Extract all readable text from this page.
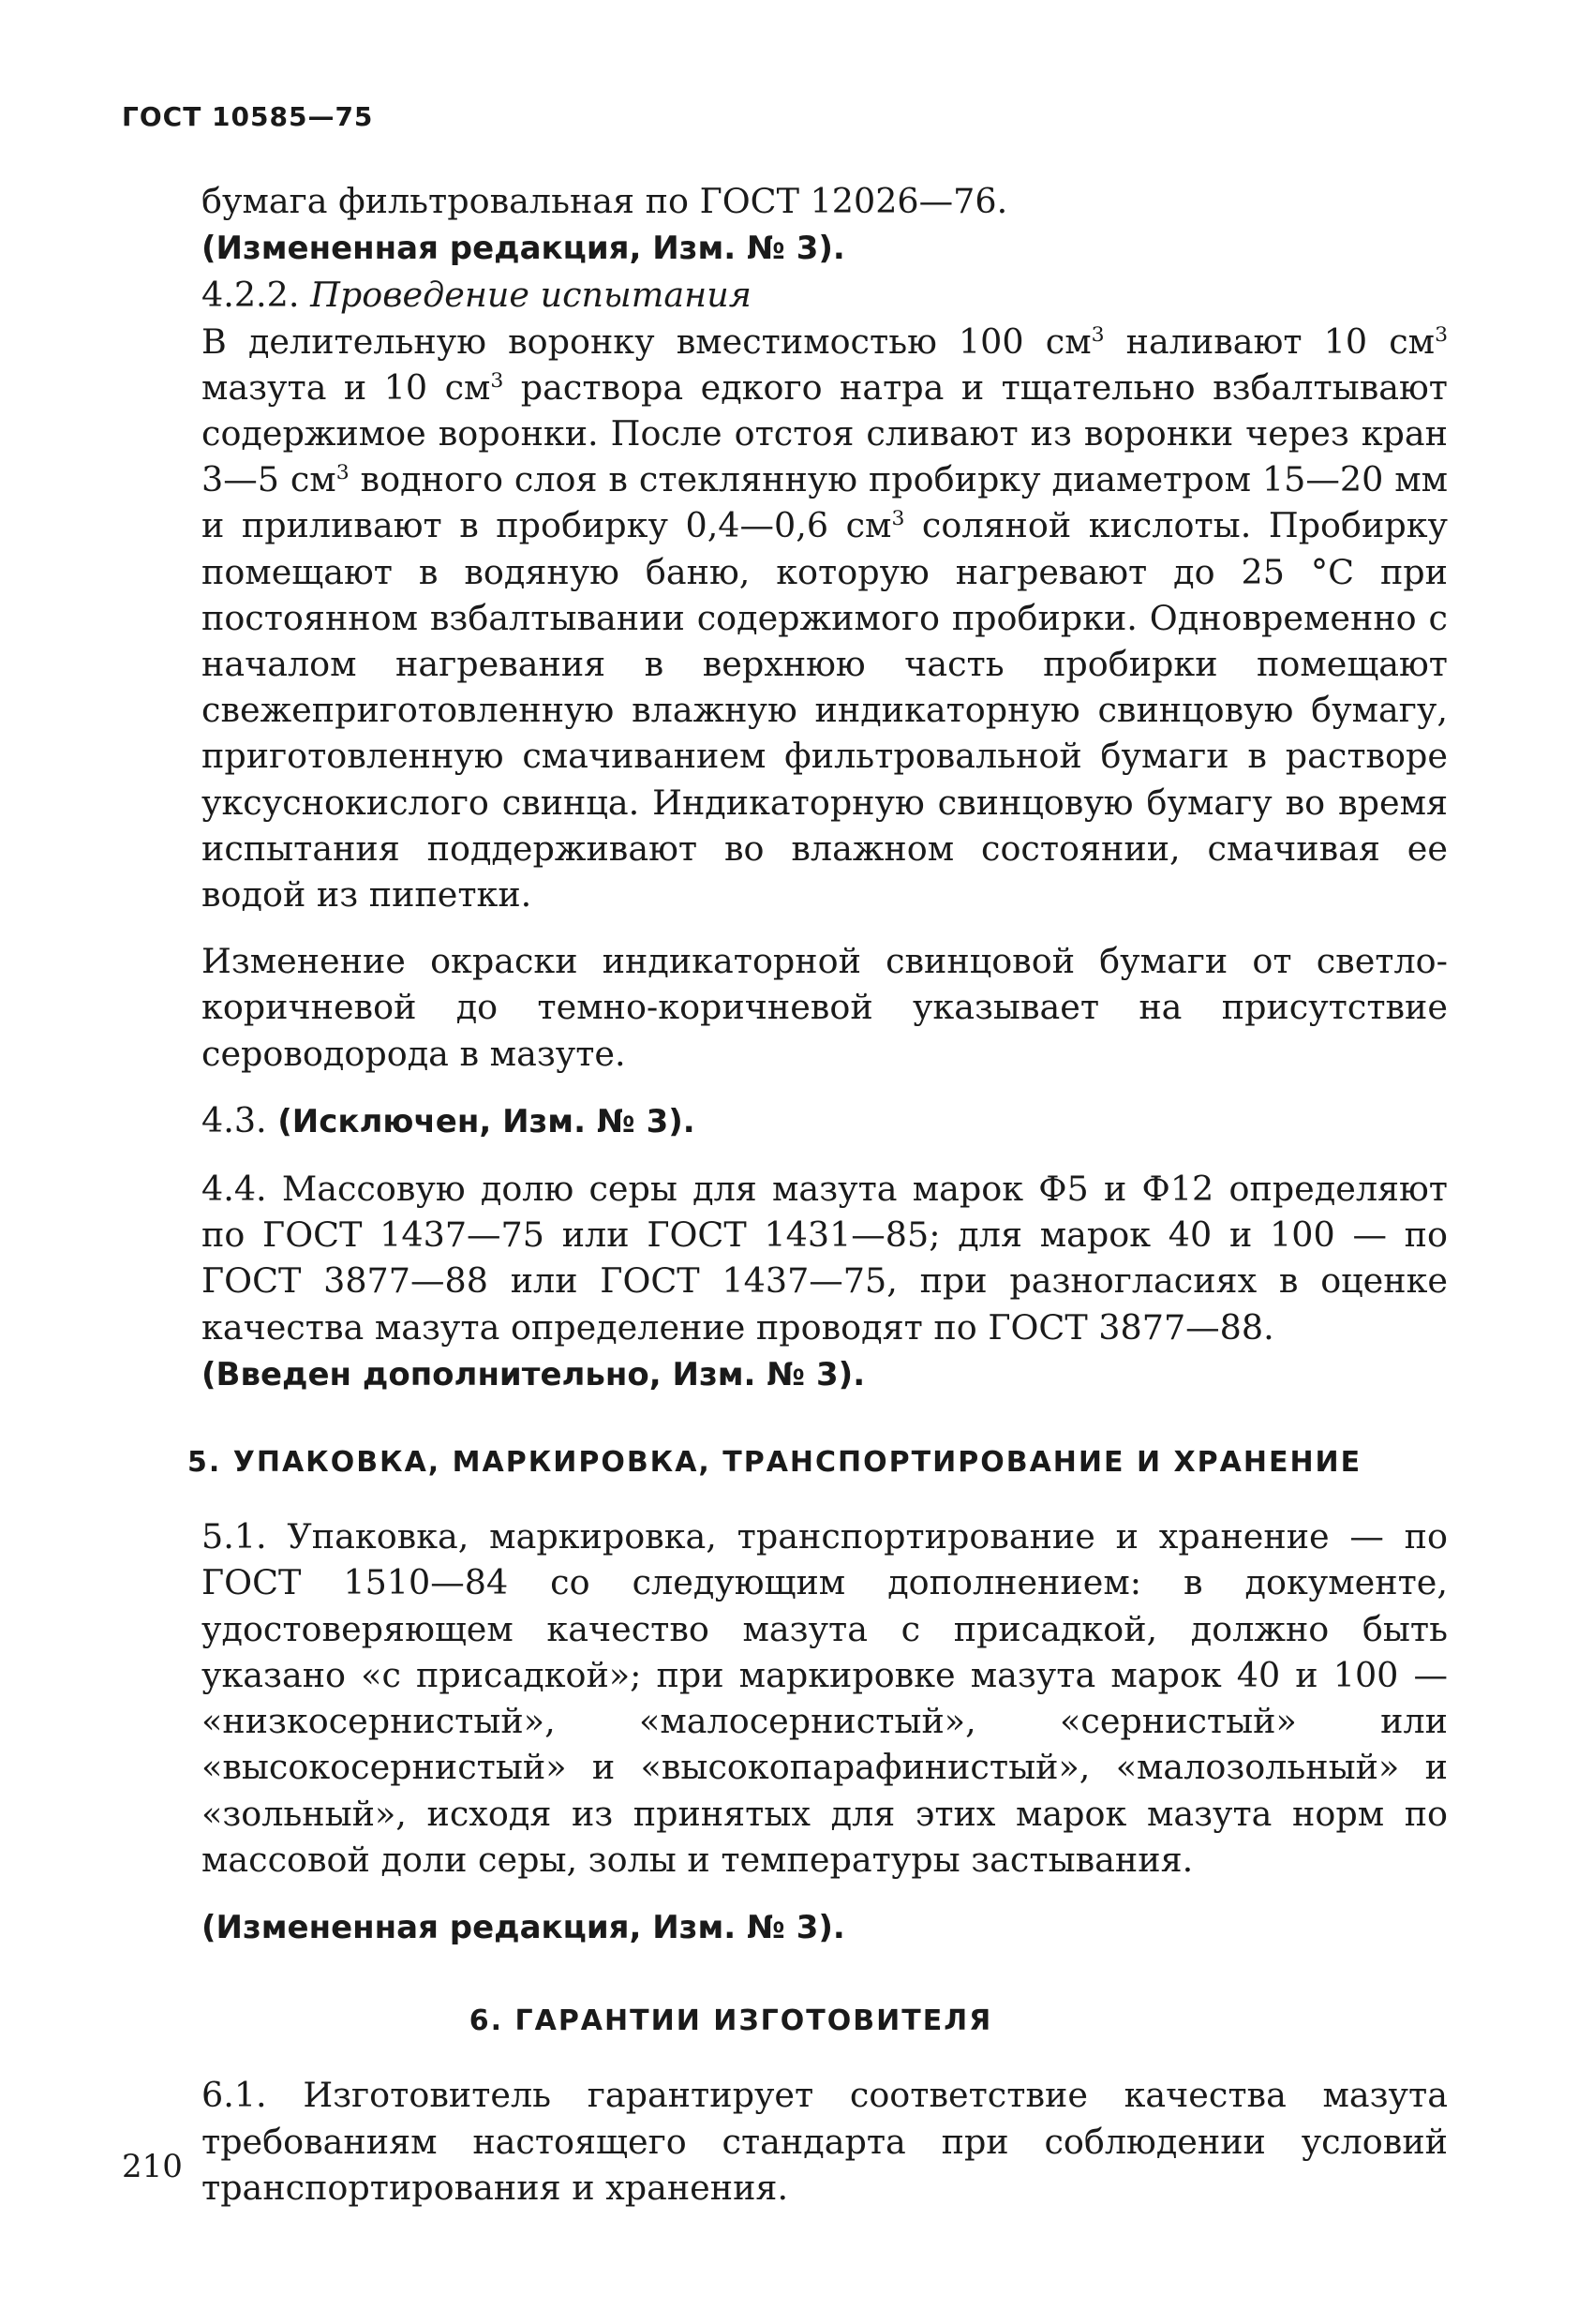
ГОСТ 10585—75

бумага фильтровальная по ГОСТ 12026—76.

(Измененная редакция, Изм. № 3).

4.2.2. Проведение испытания

В делительную воронку вместимостью 100 $см^3$ наливают 10 $см^3$ мазута и 10 $см^3$ раствора едкого натра и тщательно взбалтывают содержимое воронки. После отстоя сливают из воронки через кран 3—5 $см^3$ водного слоя в стеклянную пробирку диаметром 15—20 мм и приливают в пробирку 0,4—0,6 $см^3$ соляной кислоты. Пробирку помещают в водяную баню, которую нагревают до 25 °С при постоянном взбалтывании содержимого пробирки. Одновременно с началом нагревания в верхнюю часть пробирки помещают свежеприготовленную влажную индикаторную свинцовую бумагу, приготовленную смачиванием фильтровальной бумаги в растворе уксуснокислого свинца. Индикаторную свинцовую бумагу во время испытания поддерживают во влажном состоянии, смачивая ее водой из пипетки.

Изменение окраски индикаторной свинцовой бумаги от светло-коричневой до темно-коричневой указывает на присутствие сероводорода в мазуте.

4.3. (Исключен, Изм. № 3).

4.4. Массовую долю серы для мазута марок Ф5 и Ф12 определяют по ГОСТ 1437—75 или ГОСТ 1431—85; для марок 40 и 100 — по ГОСТ 3877—88 или ГОСТ 1437—75, при разногласиях в оценке качества мазута определение проводят по ГОСТ 3877—88.

(Введен дополнительно, Изм. № 3).

5. УПАКОВКА, МАРКИРОВКА, ТРАНСПОРТИРОВАНИЕ И ХРАНЕНИЕ

5.1. Упаковка, маркировка, транспортирование и хранение — по ГОСТ 1510—84 со следующим дополнением: в документе, удостоверяющем качество мазута с присадкой, должно быть указано «с присадкой»; при маркировке мазута марок 40 и 100 — «низкосернистый», «малосернистый», «сернистый» или «высокосернистый» и «высокопарафинистый», «малозольный» и «зольный», исходя из принятых для этих марок мазута норм по массовой доли серы, золы и температуры застывания.

(Измененная редакция, Изм. № 3).

6. ГАРАНТИИ ИЗГОТОВИТЕЛЯ

6.1. Изготовитель гарантирует соответствие качества мазута требованиям настоящего стандарта при соблюдении условий транспортирования и хранения.

210
